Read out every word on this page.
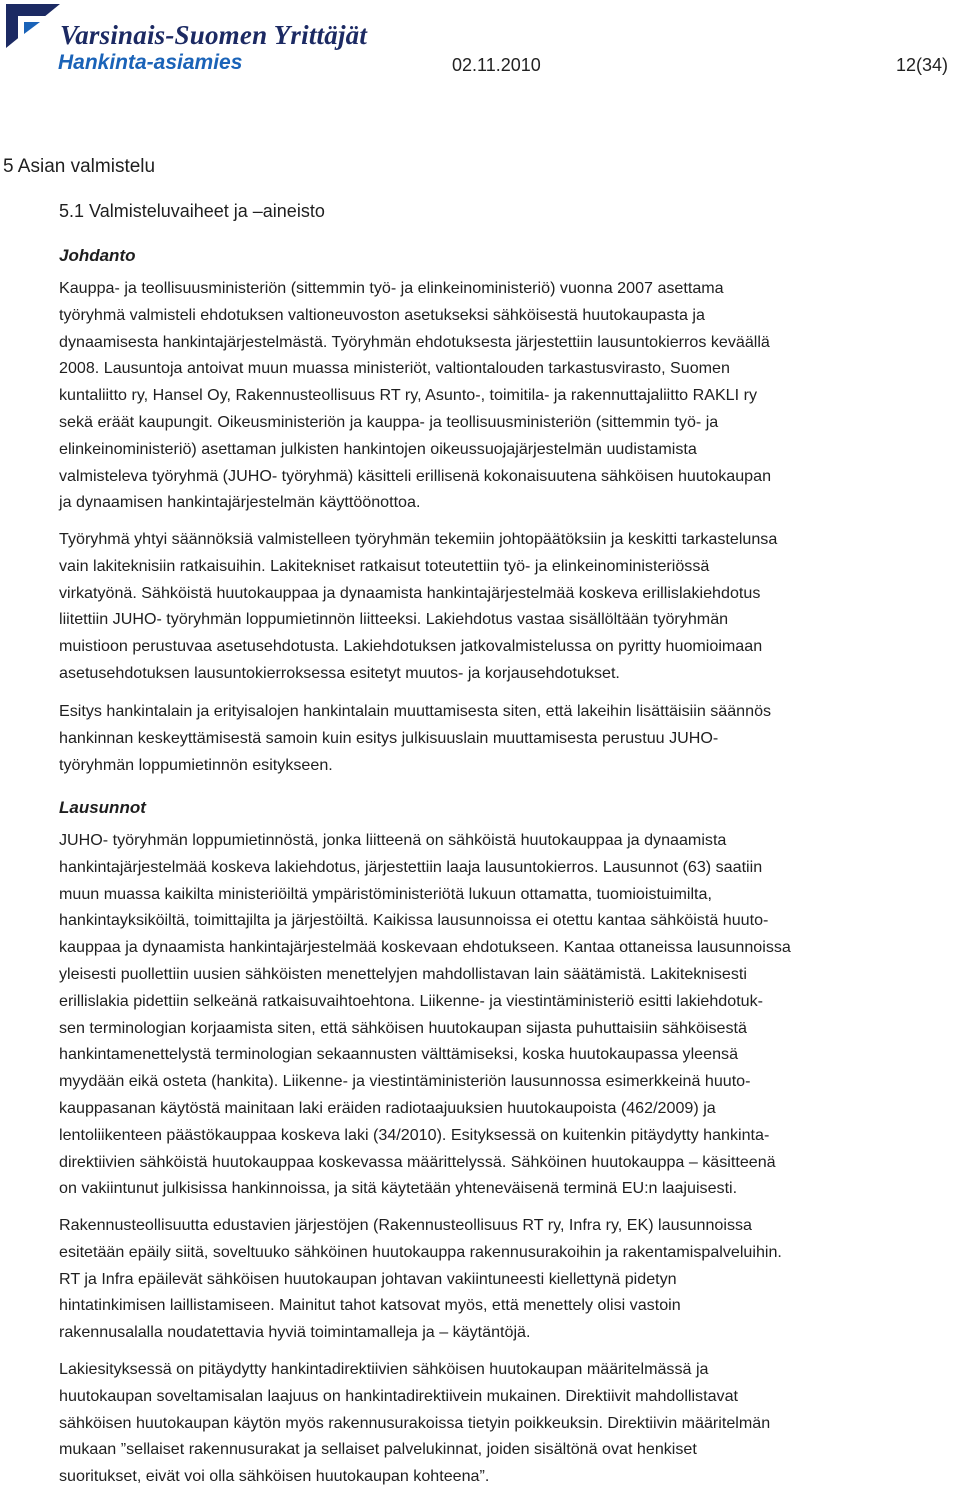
Varsinais-Suomen Yrittäjät
Hankinta-asiamies	02.11.2010	12(34)
5 Asian valmistelu
5.1 Valmisteluvaiheet ja –aineisto
Johdanto

Kauppa- ja teollisuusministeriön (sittemmin työ- ja elinkeinoministeriö) vuonna 2007 asettama
työryhmä valmisteli ehdotuksen valtioneuvoston asetukseksi sähköisestä huutokaupasta ja
dynaamisesta hankintajärjestelmästä. Työryhmän ehdotuksesta järjestettiin lausuntokierros keväällä
2008. Lausuntoja antoivat muun muassa ministeriöt, valtiontalouden tarkastusvirasto, Suomen
kuntaliitto ry, Hansel Oy, Rakennusteollisuus RT ry, Asunto-, toimitila- ja rakennuttajaliitto RAKLI ry
sekä eräät kaupungit. Oikeusministeriön ja kauppa- ja teollisuusministeriön (sittemmin työ- ja
elinkeinoministeriö) asettaman julkisten hankintojen oikeussuojajärjestelmän uudistamista
valmisteleva työryhmä (JUHO- työryhmä) käsitteli erillisenä kokonaisuutena sähköisen huutokaupan
ja dynaamisen hankintajärjestelmän käyttöönottoa.

Työryhmä yhtyi säännöksiä valmistelleen työryhmän tekemiin johtopäätöksiin ja keskitti tarkastelunsa
vain lakiteknisiin ratkaisuihin. Lakitekniset ratkaisut toteutettiin työ- ja elinkeinoministeriössä
virkatyönä. Sähköistä huutokauppaa ja dynaamista hankintajärjestelmää koskeva erillislakiehdotus
liitettiin JUHO- työryhmän loppumietinnön liitteeksi. Lakiehdotus vastaa sisällöltään työryhmän
muistioon perustuvaa asetusehdotusta. Lakiehdotuksen jatkovalmistelussa on pyritty huomioimaan
asetusehdotuksen lausuntokierroksessa esitetyt muutos- ja korjausehdotukset.

Esitys hankintalain ja erityisalojen hankintalain muuttamisesta siten, että lakeihin lisättäisiin säännös
hankinnan keskeyttämisestä samoin kuin esitys julkisuuslain muuttamisesta perustuu JUHO-
työryhmän loppumietinnön esitykseen.

Lausunnot

JUHO- työryhmän loppumietinnöstä, jonka liitteenä on sähköistä huutokauppaa ja dynaamista
hankintajärjestelmää koskeva lakiehdotus, järjestettiin laaja lausuntokierros. Lausunnot (63) saatiin
muun muassa kaikilta ministeriöiltä ympäristöministeriötä lukuun ottamatta, tuomioistuimilta,
hankintayksiköiltä, toimittajilta ja järjestöiltä. Kaikissa lausunnoissa ei otettu kantaa sähköistä huuto-
kauppaa ja dynaamista hankintajärjestelmää koskevaan ehdotukseen. Kantaa ottaneissa lausunnoissa
yleisesti puollettiin uusien sähköisten menettelyjen mahdollistavan lain säätämistä. Lakiteknisesti
erillislakia pidettiin selkeänä ratkaisuvaihtoehtona. Liikenne- ja viestintäministeriö esitti lakiehdotuk-
sen terminologian korjaamista siten, että sähköisen huutokaupan sijasta puhuttaisiin sähköisestä
hankintamenettelystä terminologian sekaannusten välttämiseksi, koska huutokaupassa yleensä
myydään eikä osteta (hankita). Liikenne- ja viestintäministeriön lausunnossa esimerkkeinä huuto-
kauppasanan käytöstä mainitaan laki eräiden radiotaajuuksien huutokaupoista (462/2009) ja
lentoliikenteen päästökauppaa koskeva laki (34/2010). Esityksessä on kuitenkin pitäydytty hankinta-
direktiivien sähköistä huutokauppaa koskevassa määrittelyssä. Sähköinen huutokauppa – käsitteenä
on vakiintunut julkisissa hankinnoissa, ja sitä käytetään yhteneväisenä terminä EU:n laajuisesti.

Rakennusteollisuutta edustavien järjestöjen (Rakennusteollisuus RT ry, Infra ry, EK) lausunnoissa
esitetään epäily siitä, soveltuuko sähköinen huutokauppa rakennusurakoihin ja rakentamispalveluihin.
RT ja Infra epäilevät sähköisen huutokaupan johtavan vakiintuneesti kiellettynä pidetyn
hintatinkimisen laillistamiseen. Mainitut tahot katsovat myös, että menettely olisi vastoin
rakennusalalla noudatettavia hyviä toimintamalleja ja – käytäntöjä.

Lakiesityksessä on pitäydytty hankintadirektiivien sähköisen huutokaupan määritelmässä ja
huutokaupan soveltamisalan laajuus on hankintadirektiivein mukainen. Direktiivit mahdollistavat
sähköisen huutokaupan käytön myös rakennusurakoissa tietyin poikkeuksin. Direktiivin määritelmän
mukaan ”sellaiset rakennusurakat ja sellaiset palvelukinnat, joiden sisältönä ovat henkiset
suoritukset, eivät voi olla sähköisen huutokaupan kohteena”.
